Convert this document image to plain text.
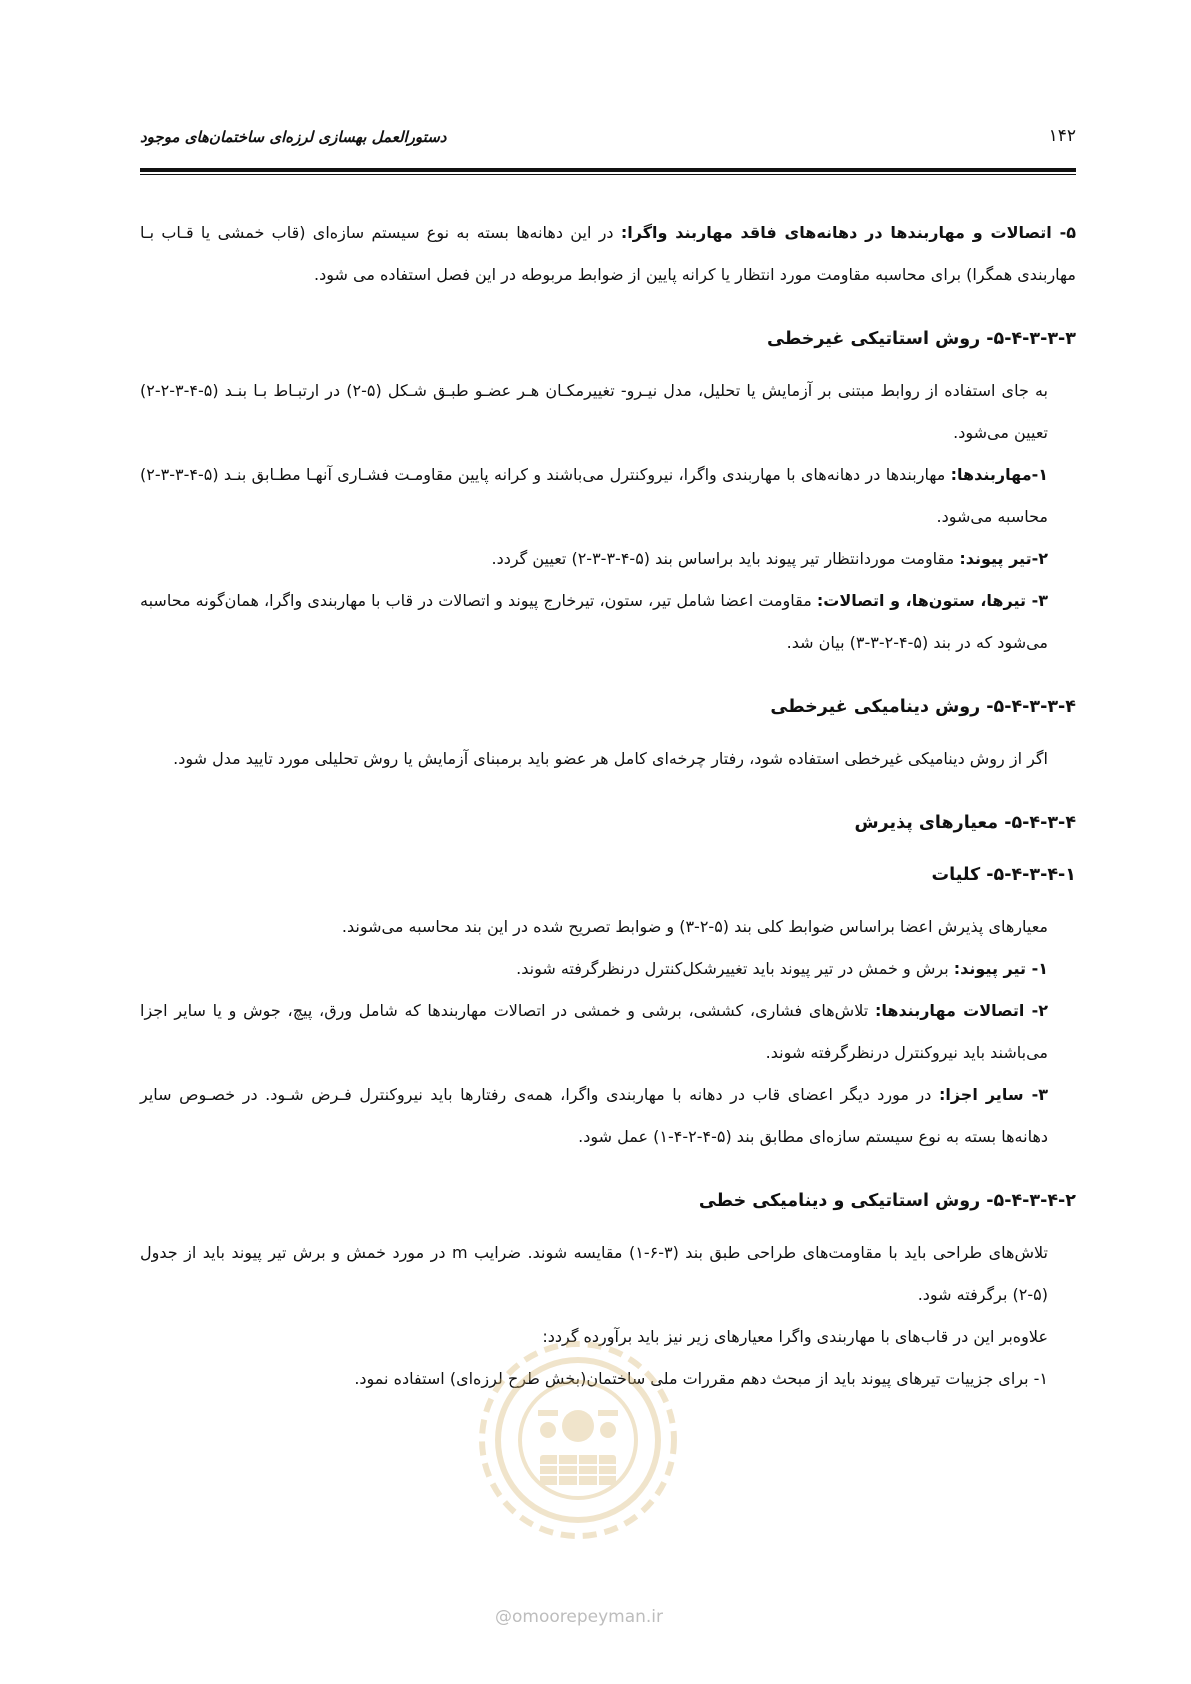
دستورالعمل بهسازی لرزه‌ای ساختمان‌های موجود	۱۴۲

۵- اتصالات و مهاربندها در دهانه‌های فاقد مهاربند واگرا: در این دهانه‌ها بسته به نوع سیستم سازه‌ای (قاب خمشی یا قـاب بـا مهاربندی همگرا) برای محاسبه مقاومت مورد انتظار یا کرانه پایین از ضوابط مربوطه در این فصل استفاده می شود.

۵-۴-۳-۳-۳- روش استاتیکی غیرخطی

به جای استفاده از روابط مبتنی بر آزمایش یا تحلیل، مدل نیـرو- تغییرمکـان هـر عضـو طبـق شـکل (۵-۲) در ارتبـاط بـا بنـد (۵-۴-۳-۲-۲) تعیین می‌شود.

۱-مهاربندها: مهاربندها در دهانه‌های با مهاربندی واگرا، نیروکنترل می‌باشند و کرانه پایین مقاومـت فشـاری آنهـا مطـابق بنـد (۵-۴-۳-۳-۲) محاسبه می‌شود.

۲-تیر پیوند: مقاومت موردانتظار تیر پیوند باید براساس بند (۵-۴-۳-۳-۲) تعیین گردد.

۳- تیرها، ستون‌ها، و اتصالات: مقاومت اعضا شامل تیر، ستون، تیرخارج پیوند و اتصالات در قاب با مهاربندی واگرا، همان‌گونه محاسبه می‌شود که در بند (۵-۴-۲-۳-۳) بیان شد.

۵-۴-۳-۳-۴- روش دینامیکی غیرخطی

اگر از روش دینامیکی غیرخطی استفاده شود، رفتار چرخه‌ای کامل هر عضو باید برمبنای آزمایش یا روش تحلیلی مورد تایید مدل شود.

۵-۴-۳-۴- معیارهای پذیرش
۵-۴-۳-۴-۱- کلیات

معیارهای پذیرش اعضا براساس ضوابط کلی بند (۵-۲-۳) و ضوابط تصریح شده در این بند محاسبه می‌شوند.

۱- تیر پیوند: برش و خمش در تیر پیوند باید تغییرشکل‌کنترل درنظرگرفته شوند.

۲- اتصالات مهاربندها: تلاش‌های فشاری، کششی، برشی و خمشی در اتصالات مهاربندها که شامل ورق، پیچ، جوش و یا سایر اجزا می‌باشند باید نیروکنترل درنظرگرفته شوند.

۳- سایر اجزا: در مورد دیگر اعضای قاب در دهانه با مهاربندی واگرا، همه‌ی رفتارها باید نیروکنترل فـرض شـود. در خصـوص سایر دهانه‌ها بسته به نوع سیستم سازه‌ای مطابق بند (۵-۴-۲-۴-۱) عمل شود.

۵-۴-۳-۴-۲- روش استاتیکی و دینامیکی خطی

تلاش‌های طراحی باید با مقاومت‌های طراحی طبق بند (۳-۶-۱) مقایسه شوند. ضرایب m در مورد خمش و برش تیر پیوند باید از جدول (۵-۲) برگرفته شود.

علاوه‌بر این در قاب‌های با مهاربندی واگرا معیارهای زیر نیز باید برآورده گردد:

۱- برای جزییات تیرهای پیوند باید از مبحث دهم مقررات ملی ساختمان(بخش طرح لرزه‌ای) استفاده نمود.

@omoorepeyman.ir
